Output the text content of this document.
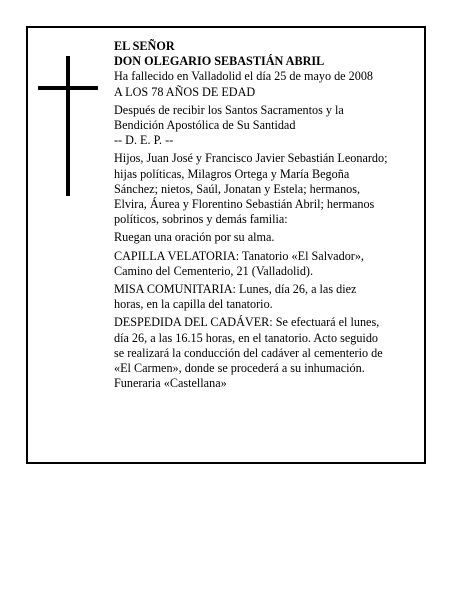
EL SEÑOR
DON OLEGARIO SEBASTIÁN ABRIL
Ha fallecido en Valladolid el día 25 de mayo de 2008
A LOS 78 AÑOS DE EDAD
Después de recibir los Santos Sacramentos y la
Bendición Apostólica de Su Santidad
-- D. E. P. --
Hijos, Juan José y Francisco Javier Sebastián Leonardo;
hijas políticas, Milagros Ortega y María Begoña
Sánchez; nietos, Saúl, Jonatan y Estela; hermanos,
Elvira, Áurea y Florentino Sebastián Abril; hermanos
políticos, sobrinos y demás familia:
Ruegan una oración por su alma.
CAPILLA VELATORIA: Tanatorio «El Salvador»,
Camino del Cementerio, 21 (Valladolid).
MISA COMUNITARIA: Lunes, día 26, a las diez
horas, en la capilla del tanatorio.
DESPEDIDA DEL CADÁVER: Se efectuará el lunes,
día 26, a las 16.15 horas, en el tanatorio. Acto seguido
se realizará la conducción del cadáver al cementerio de
«El Carmen», donde se procederá a su inhumación.
Funeraria «Castellana»
